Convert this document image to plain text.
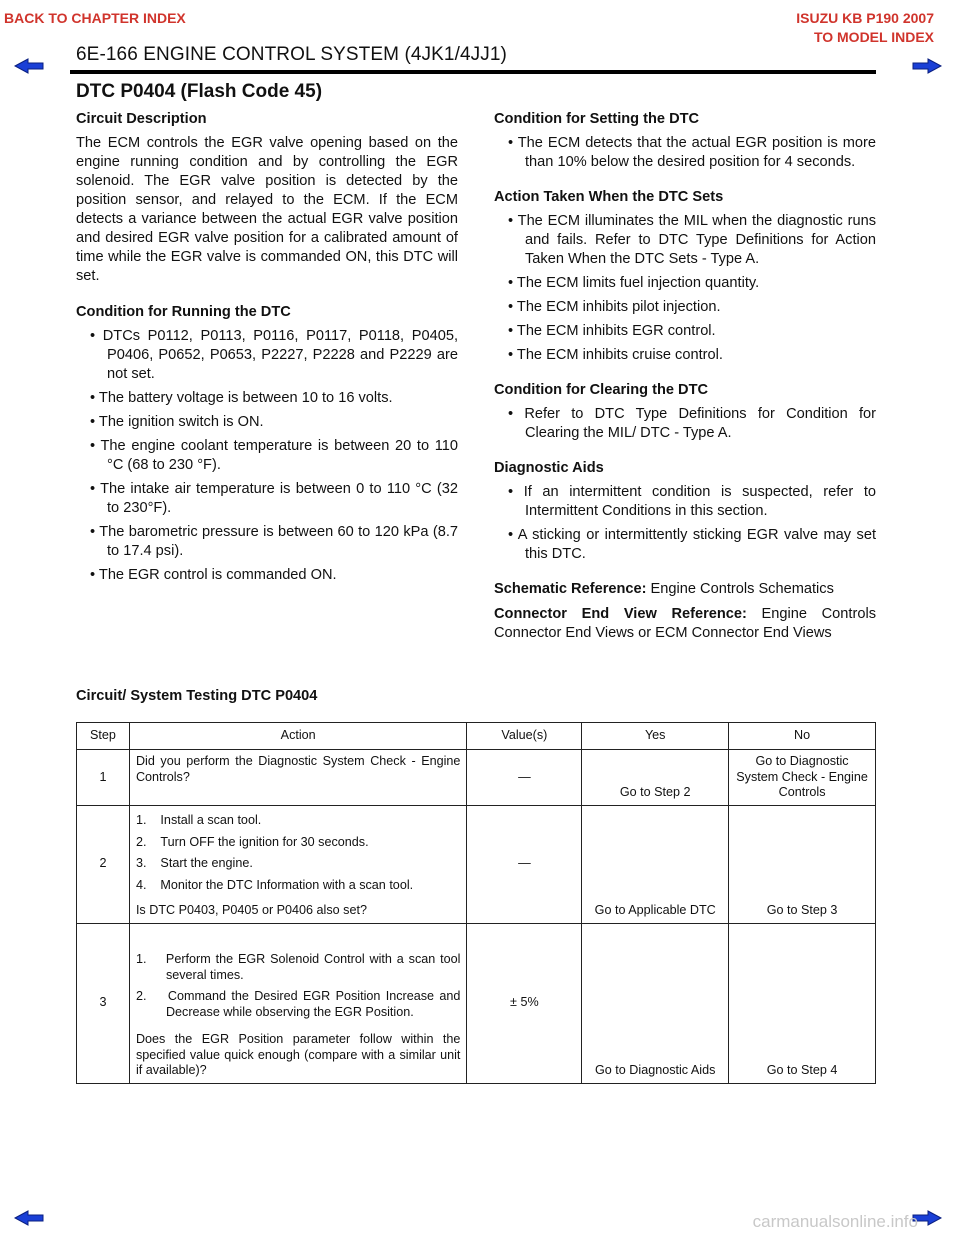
BACK TO CHAPTER INDEX	ISUZU KB P190 2007
TO MODEL INDEX
6E-166 ENGINE CONTROL SYSTEM (4JK1/4JJ1)
DTC P0404 (Flash Code 45)
Circuit Description

The ECM controls the EGR valve opening based on the engine running condition and by controlling the EGR solenoid. The EGR valve position is detected by the position sensor, and relayed to the ECM. If the ECM detects a variance between the actual EGR valve position and desired EGR valve position for a calibrated amount of time while the EGR valve is commanded ON, this DTC will set.

Condition for Running the DTC
• DTCs P0112, P0113, P0116, P0117, P0118, P0405, P0406, P0652, P0653, P2227, P2228 and P2229 are not set.
• The battery voltage is between 10 to 16 volts.
• The ignition switch is ON.
• The engine coolant temperature is between 20 to 110 °C (68 to 230 °F).
• The intake air temperature is between 0 to 110 °C (32 to 230°F).
• The barometric pressure is between 60 to 120 kPa (8.7 to 17.4 psi).
• The EGR control is commanded ON.
Condition for Setting the DTC
• The ECM detects that the actual EGR position is more than 10% below the desired position for 4 seconds.
Action Taken When the DTC Sets
• The ECM illuminates the MIL when the diagnostic runs and fails. Refer to DTC Type Definitions for Action Taken When the DTC Sets - Type A.
• The ECM limits fuel injection quantity.
• The ECM inhibits pilot injection.
• The ECM inhibits EGR control.
• The ECM inhibits cruise control.
Condition for Clearing the DTC
• Refer to DTC Type Definitions for Condition for Clearing the MIL/ DTC - Type A.
Diagnostic Aids
• If an intermittent condition is suspected, refer to Intermittent Conditions in this section.
• A sticking or intermittently sticking EGR valve may set this DTC.

Schematic Reference: Engine Controls Schematics

Connector End View Reference: Engine Controls Connector End Views or ECM Connector End Views

Circuit/ System Testing DTC P0404
Step	Action	Value(s)	Yes	No
1	Did you perform the Diagnostic System Check - Engine Controls?	—	Go to Step 2	Go to Diagnostic System Check - Engine Controls
2	1.    Install a scan tool.
2.    Turn OFF the ignition for 30 seconds.
3.    Start the engine.
4.    Monitor the DTC Information with a scan tool.

Is DTC P0403, P0405 or P0406 also set?	—	Go to Applicable DTC	Go to Step 3
3	1.    Perform the EGR Solenoid Control with a scan tool several times.
2.    Command the Desired EGR Position Increase and Decrease while observing the EGR Position.

Does the EGR Position parameter follow within the specified value quick enough (compare with a similar unit if available)?	± 5%	Go to Diagnostic Aids	Go to Step 4
carmanualsonline.info
